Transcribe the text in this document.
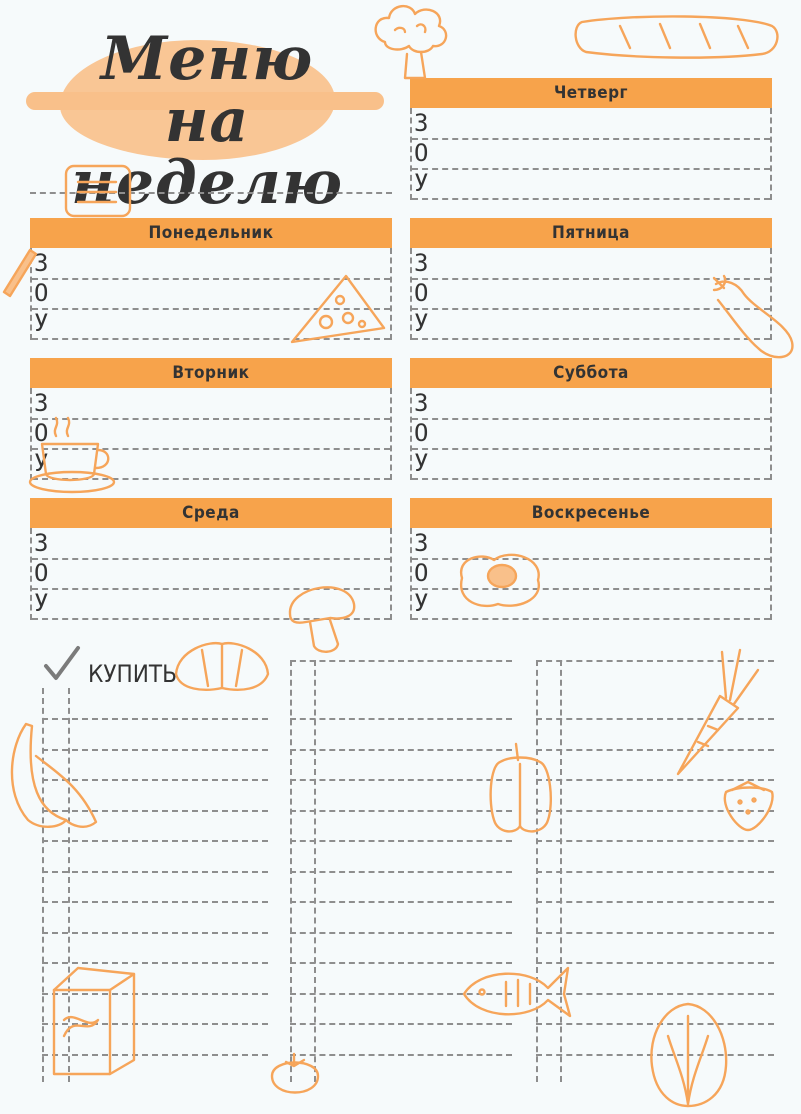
Меню на
неделю
Понедельник
З
О
У
Вторник
З
О
У
Среда
З
О
У
Четверг
З
О
У
Пятница
З
О
У
Суббота
З
О
У
Воскресенье
З
О
У
КУПИТЬ
